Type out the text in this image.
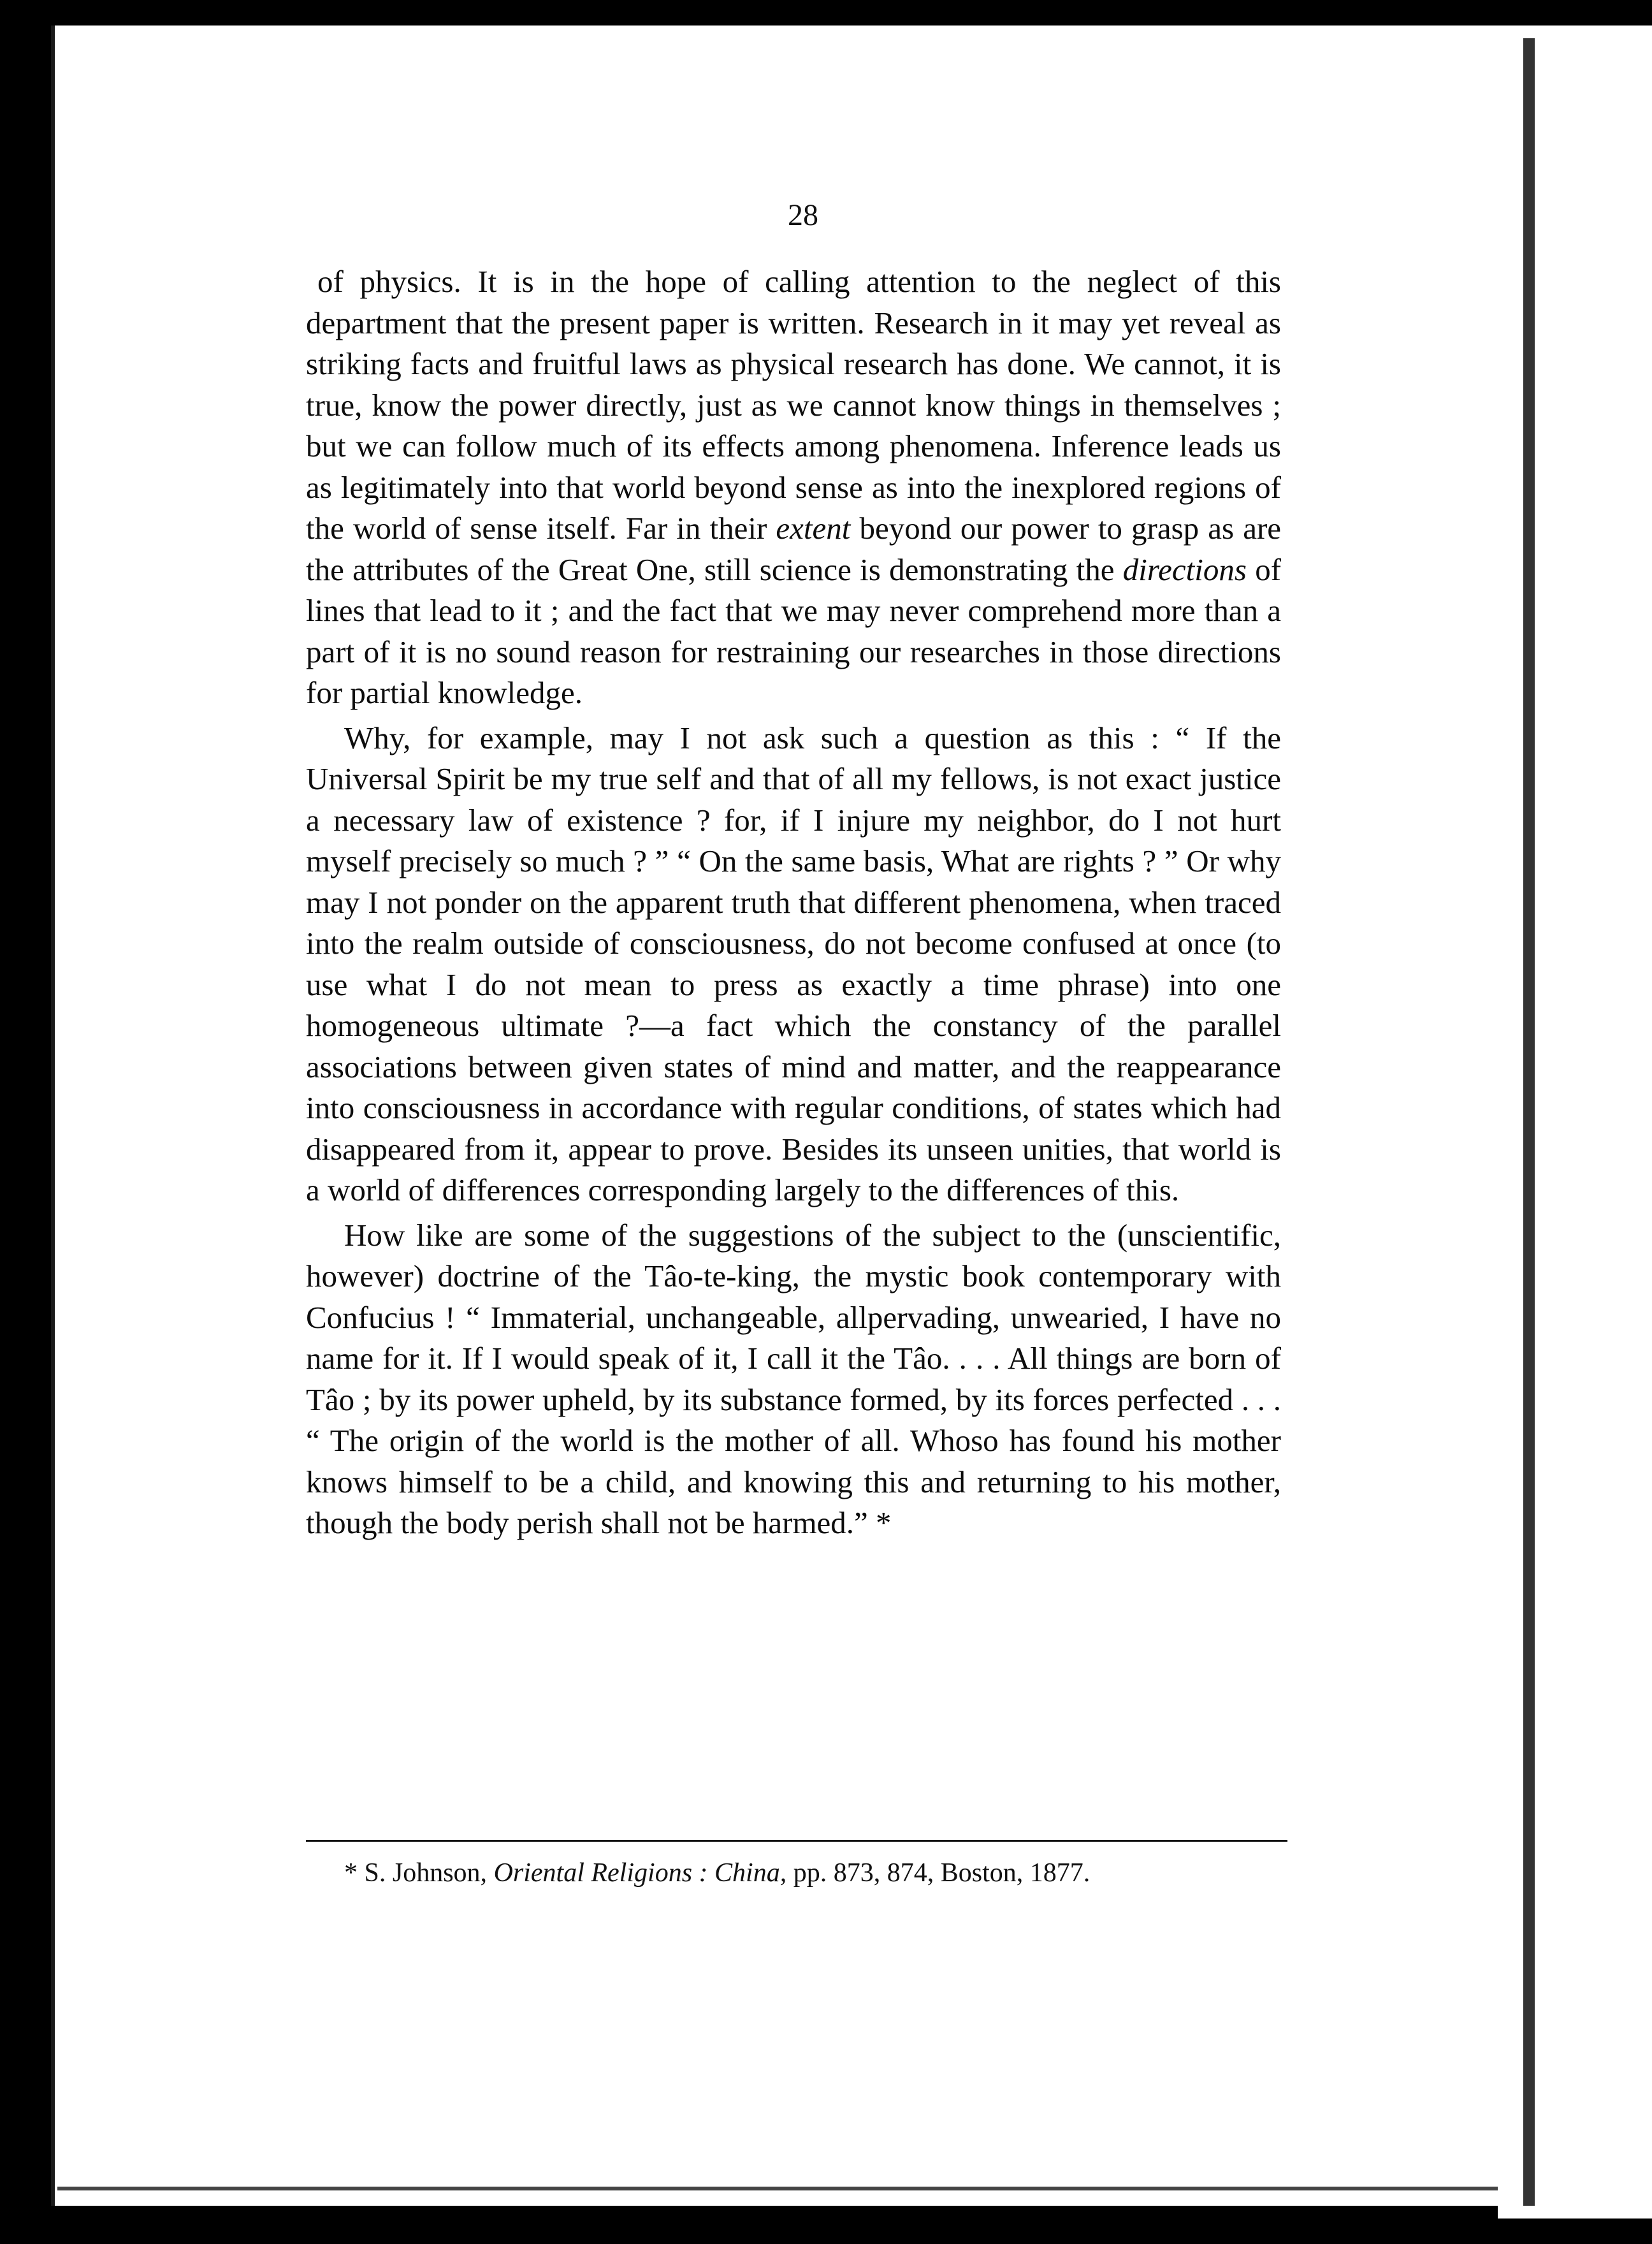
28

of physics. It is in the hope of calling attention to the neglect of this department that the present paper is written. Research in it may yet reveal as striking facts and fruitful laws as physical research has done. We cannot, it is true, know the power directly, just as we cannot know things in themselves ; but we can follow much of its effects among phenomena. Inference leads us as legitimately into that world beyond sense as into the inexplored regions of the world of sense itself. Far in their extent beyond our power to grasp as are the attributes of the Great One, still science is demonstrating the directions of lines that lead to it ; and the fact that we may never comprehend more than a part of it is no sound reason for restraining our researches in those directions for partial knowledge.

Why, for example, may I not ask such a question as this : “ If the Universal Spirit be my true self and that of all my fellows, is not exact justice a necessary law of existence ? for, if I injure my neighbor, do I not hurt myself precisely so much ? ” “ On the same basis, What are rights ? ” Or why may I not ponder on the apparent truth that different phenomena, when traced into the realm outside of consciousness, do not become confused at once (to use what I do not mean to press as exactly a time phrase) into one homogeneous ultimate ?—a fact which the constancy of the parallel associations between given states of mind and matter, and the reappearance into consciousness in accordance with regular conditions, of states which had disappeared from it, appear to prove. Besides its unseen unities, that world is a world of differences corresponding largely to the differences of this.

How like are some of the suggestions of the subject to the (unscientific, however) doctrine of the Tâo-te-king, the mystic book contemporary with Confucius ! “ Immaterial, unchangeable, allpervading, unwearied, I have no name for it. If I would speak of it, I call it the Tâo. . . . All things are born of Tâo ; by its power upheld, by its substance formed, by its forces perfected . . . “ The origin of the world is the mother of all. Whoso has found his mother knows himself to be a child, and knowing this and returning to his mother, though the body perish shall not be harmed.” *

* S. Johnson, Oriental Religions : China, pp. 873, 874, Boston, 1877.
